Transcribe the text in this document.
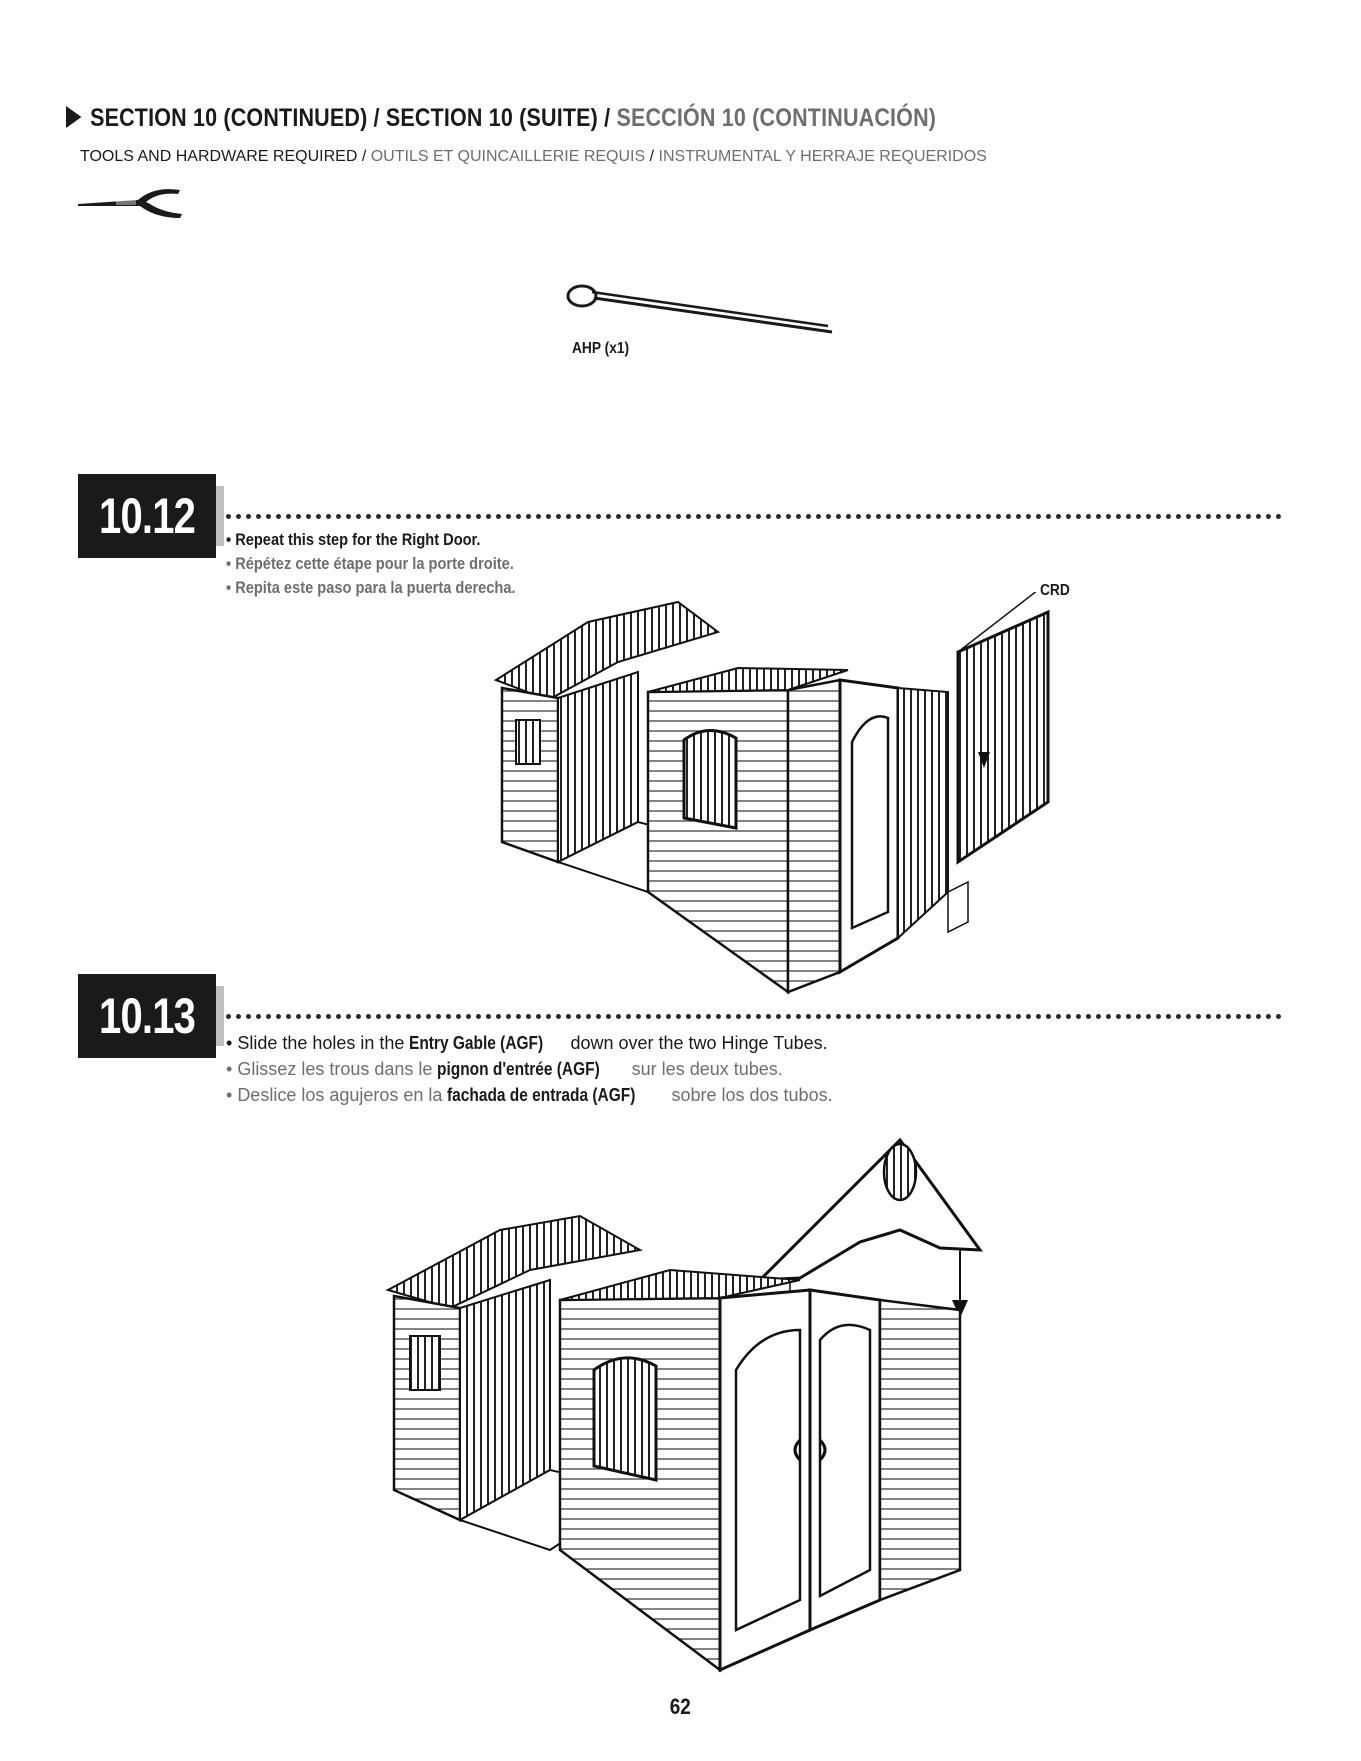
SECTION 10 (CONTINUED) / SECTION 10 (SUITE) / SECCIÓN 10 (CONTINUACIÓN)
TOOLS AND HARDWARE REQUIRED / OUTILS ET QUINCAILLERIE REQUIS / INSTRUMENTAL Y HERRAJE REQUERIDOS
AHP (x1)
10.12	• Repeat this step for the Right Door.
• Répétez cette étape pour la porte droite.
• Repita este paso para la puerta derecha.	CRD
10.13	• Slide the holes in the Entry Gable (AGF) down over the two Hinge Tubes.
• Glissez les trous dans le pignon d'entrée (AGF) sur les deux tubes.
• Deslice los agujeros en la fachada de entrada (AGF) sobre los dos tubos.
62
